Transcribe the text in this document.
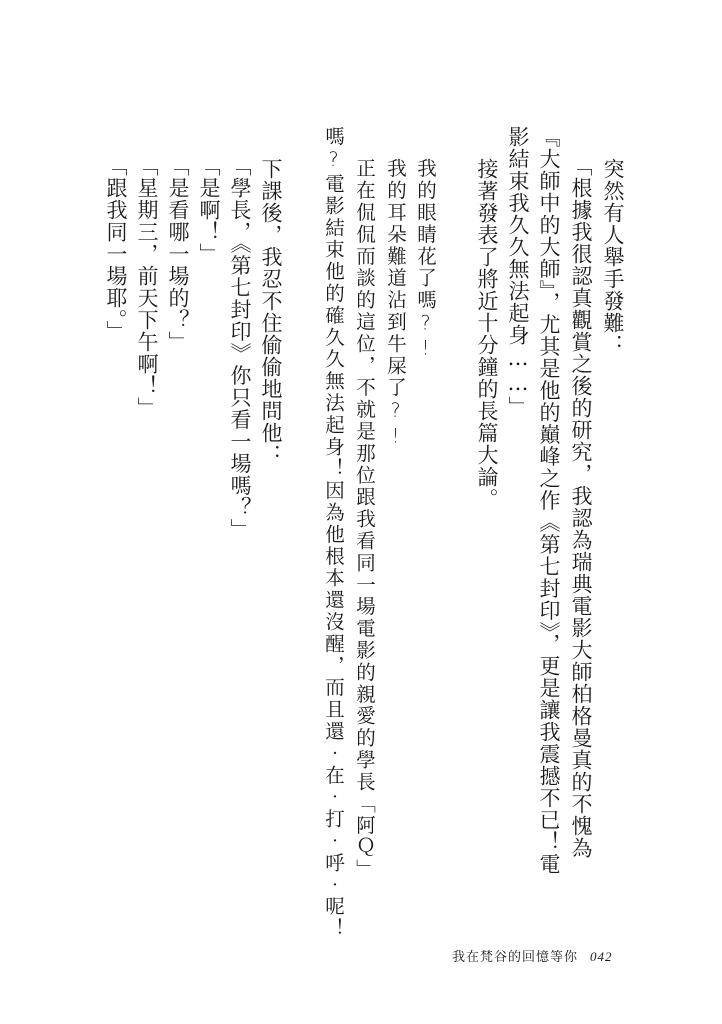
突然有人舉手發難：
「根據我很認真觀賞之後的研究，我認為瑞典電影大師柏格曼真的不愧為
『大師中的大師』，尤其是他的巔峰之作《第七封印》，更是讓我震撼不已！電
影結束我久久無法起身……」
接著發表了將近十分鐘的長篇大論。
我的眼睛花了嗎?!
我的耳朵難道沾到牛屎了?!
正在侃侃而談的這位，不就是那位跟我看同一場電影的親愛的學長「阿Ｑ」
嗎?電影結束他的確久久無法起身！因為他根本還沒醒，而且還‧在‧打‧呼‧呢！
下課後，我忍不住偷偷地問他：
「學長，《第七封印》你只看一場嗎？」
「是啊！」
「是看哪一場的？」
「星期三，前天下午啊！」
「跟我同一場耶。」
我在梵谷的回憶等你 042
